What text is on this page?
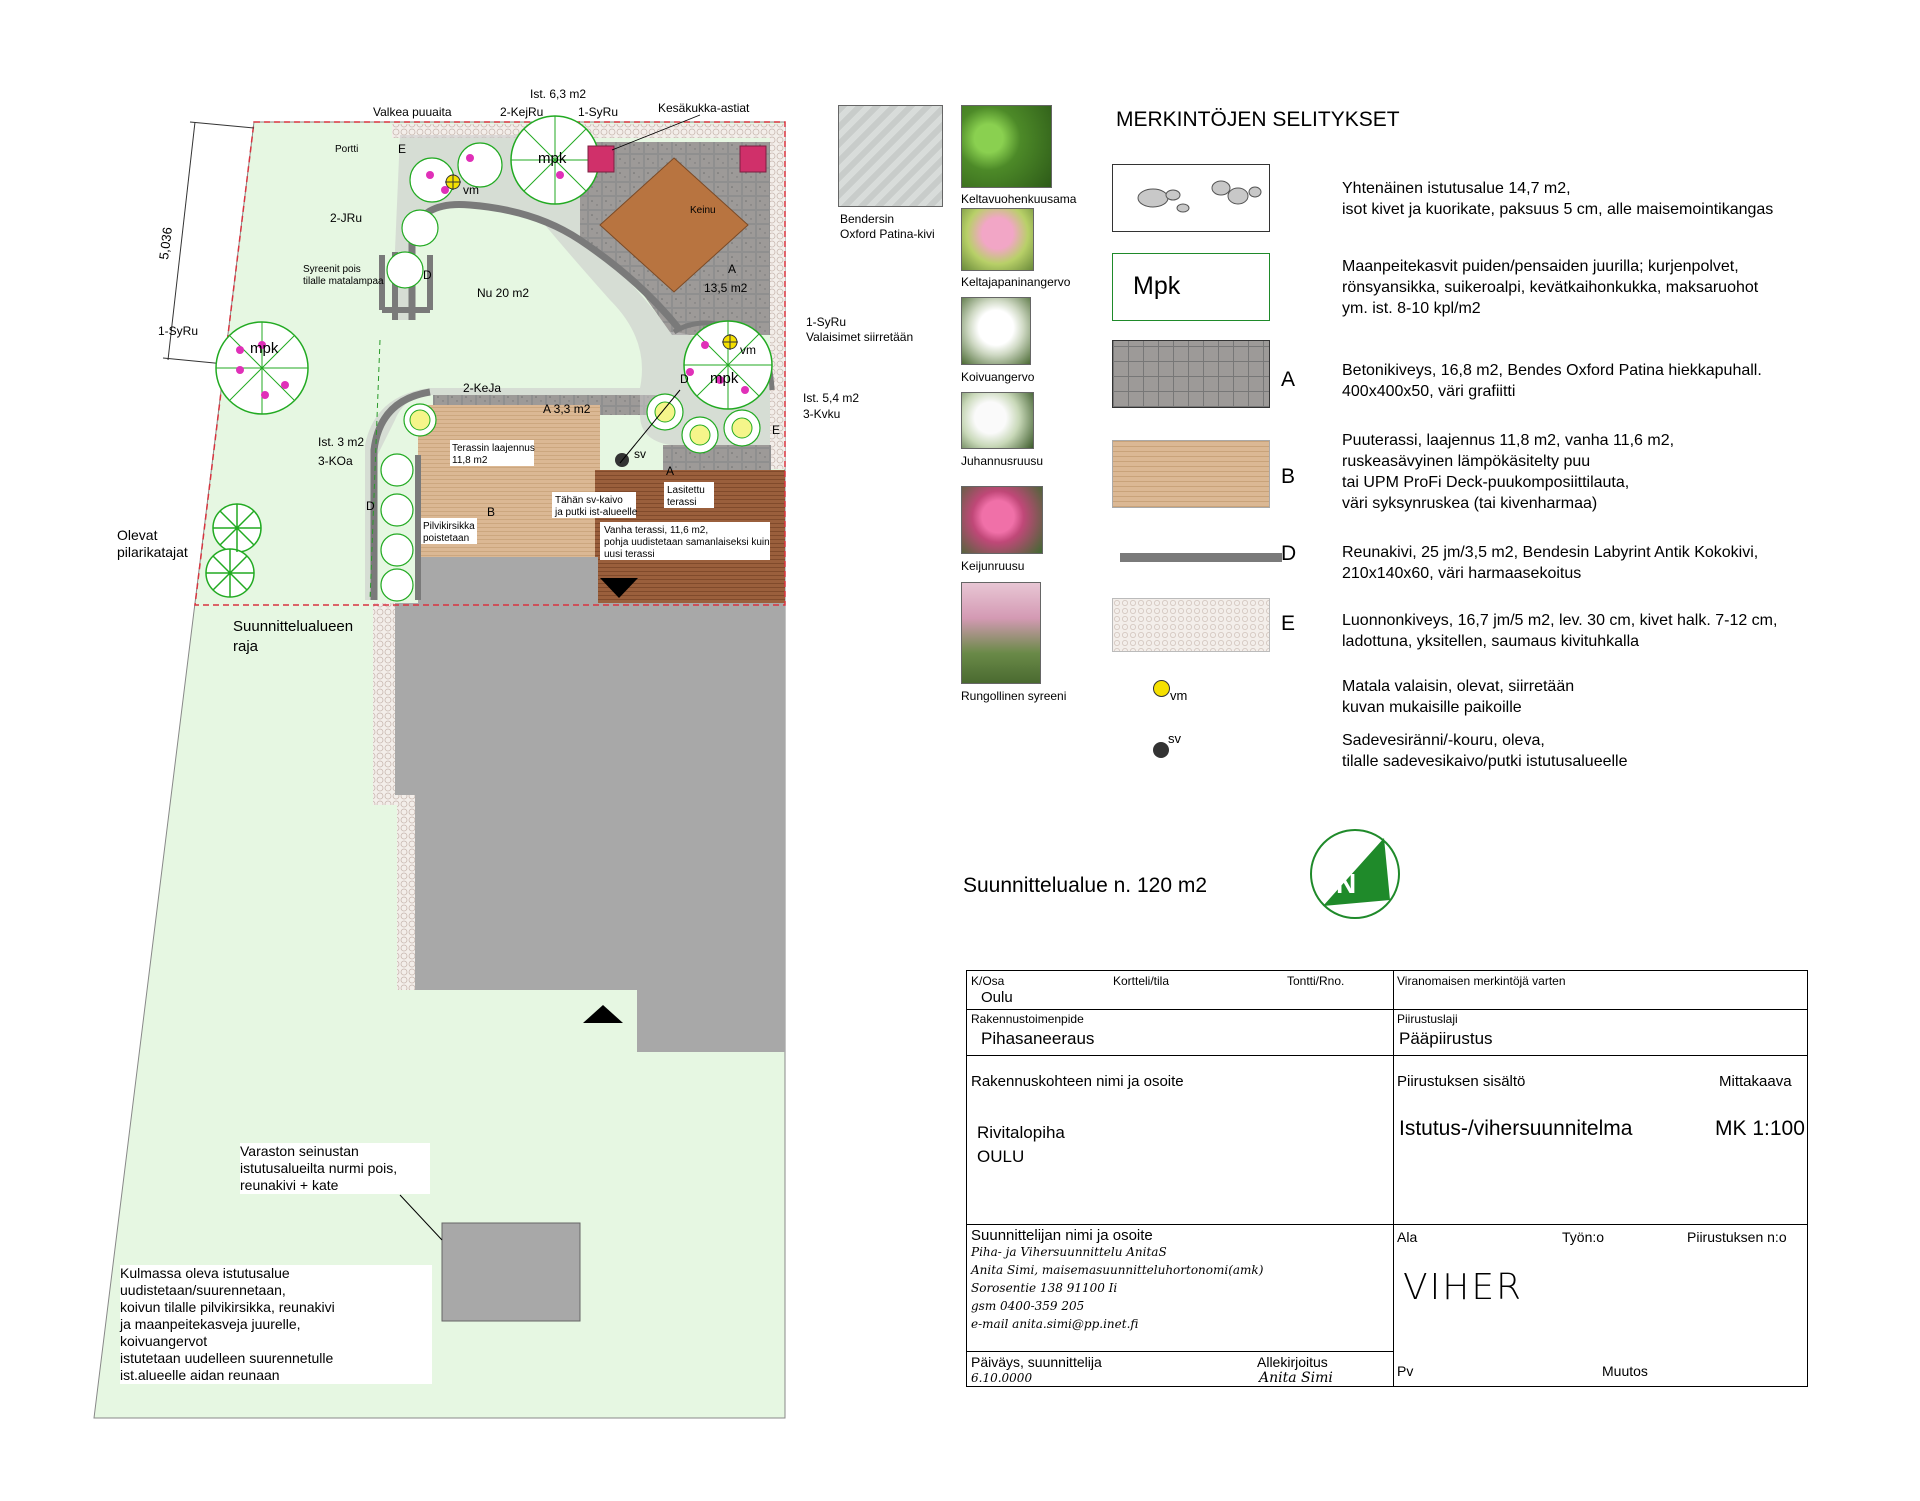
5,036
Valkea puuaita
Portti
Ist. 6,3 m2
2-KejRu	1-SyRu	Kesäkukka-astiat
Keinu
A
13,5 m2
2-JRu
Syreenit pois
tilalle matalampaa
Nu 20 m2
1-SyRu
mpk
mpk
mpk
1-SyRu
Valaisimet siirretään
vm
vm
2-KeJa
A 3,3 m2
Ist. 5,4 m2
3-Kvku
Ist. 3 m2
3-KOa
Terassin laajennus
11,8 m2	sv
A
Lasitettu
terassi
Tähän sv-kaivo
ja putki ist-alueelle
Pilvikirsikka
poistetaan
B
Vanha terassi, 11,6 m2,
pohja uudistetaan samanlaiseksi kuin
uusi terassi
Olevat
pilarikatajat
Suunnittelualueen
raja
D
D
D
E
E
N
Varaston seinustan
istutusalueilta nurmi pois,
reunakivi + kate
Kulmassa oleva istutusalue
uudistetaan/suurennetaan,
koivun tilalle pilvikirsikka, reunakivi
ja maanpeitekasveja juurelle,
koivuangervot
istutetaan uudelleen suurennetulle
ist.alueelle aidan reunaan
Bendersin
Oxford Patina-kivi
Keltavuohenkuusama
Keltajapaninangervo
Koivuangervo
Juhannusruusu
Keijunruusu
Rungollinen syreeni
MERKINTÖJEN SELITYKSET
Yhtenäinen istutusalue 14,7 m2,
isot kivet ja kuorikate, paksuus 5 cm, alle maisemointikangas
Mpk
Maanpeitekasvit puiden/pensaiden juurilla; kurjenpolvet,
rönsyansikka, suikeroalpi, kevätkaihonkukka, maksaruohot
ym. ist. 8-10 kpl/m2
A	Betonikiveys, 16,8 m2, Bendes Oxford Patina hiekkapuhall.
400x400x50, väri grafiitti
B
Puuterassi, laajennus 11,8 m2, vanha 11,6 m2,
ruskeasävyinen lämpökäsitelty puu
tai UPM ProFi Deck-puukomposiittilauta,
väri syksynruskea (tai kivenharmaa)
D	Reunakivi, 25 jm/3,5 m2, Bendesin Labyrint Antik Kokokivi,
210x140x60, väri harmaasekoitus
E	Luonnonkiveys, 16,7 jm/5 m2, lev. 30 cm, kivet halk. 7-12 cm,
ladottuna, yksitellen, saumaus kivituhkalla
vm
Matala valaisin, olevat, siirretään
kuvan mukaisille paikoille
sv	Sadevesiränni/-kouru, oleva,
tilalle sadevesikaivo/putki istutusalueelle
Suunnittelualue n. 120 m2
K/Osa
Oulu
Kortteli/tila	Tontti/Rno.	Viranomaisen merkintöjä varten
Rakennustoimenpide
Pihasaneeraus
Piirustuslaji
Pääpiirustus
Rakennuskohteen nimi ja osoite
Rivitalopiha
OULU
Piirustuksen sisältö	Mittakaava
Istutus-/vihersuunnitelma	MK 1:100
Suunnittelijan nimi ja osoite
Piha- ja Vihersuunnittelu AnitaS
Anita Simi, maisemasuunnitteluhortonomi(amk)
Sorosentie 138 91100 Ii
gsm 0400-359 205
e-mail anita.simi@pp.inet.fi
Ala	Työn:o	Piirustuksen n:o
VIHER
Päiväys, suunnittelija
6.10.0000
Allekirjoitus
Anita Simi	Pv	Muutos
